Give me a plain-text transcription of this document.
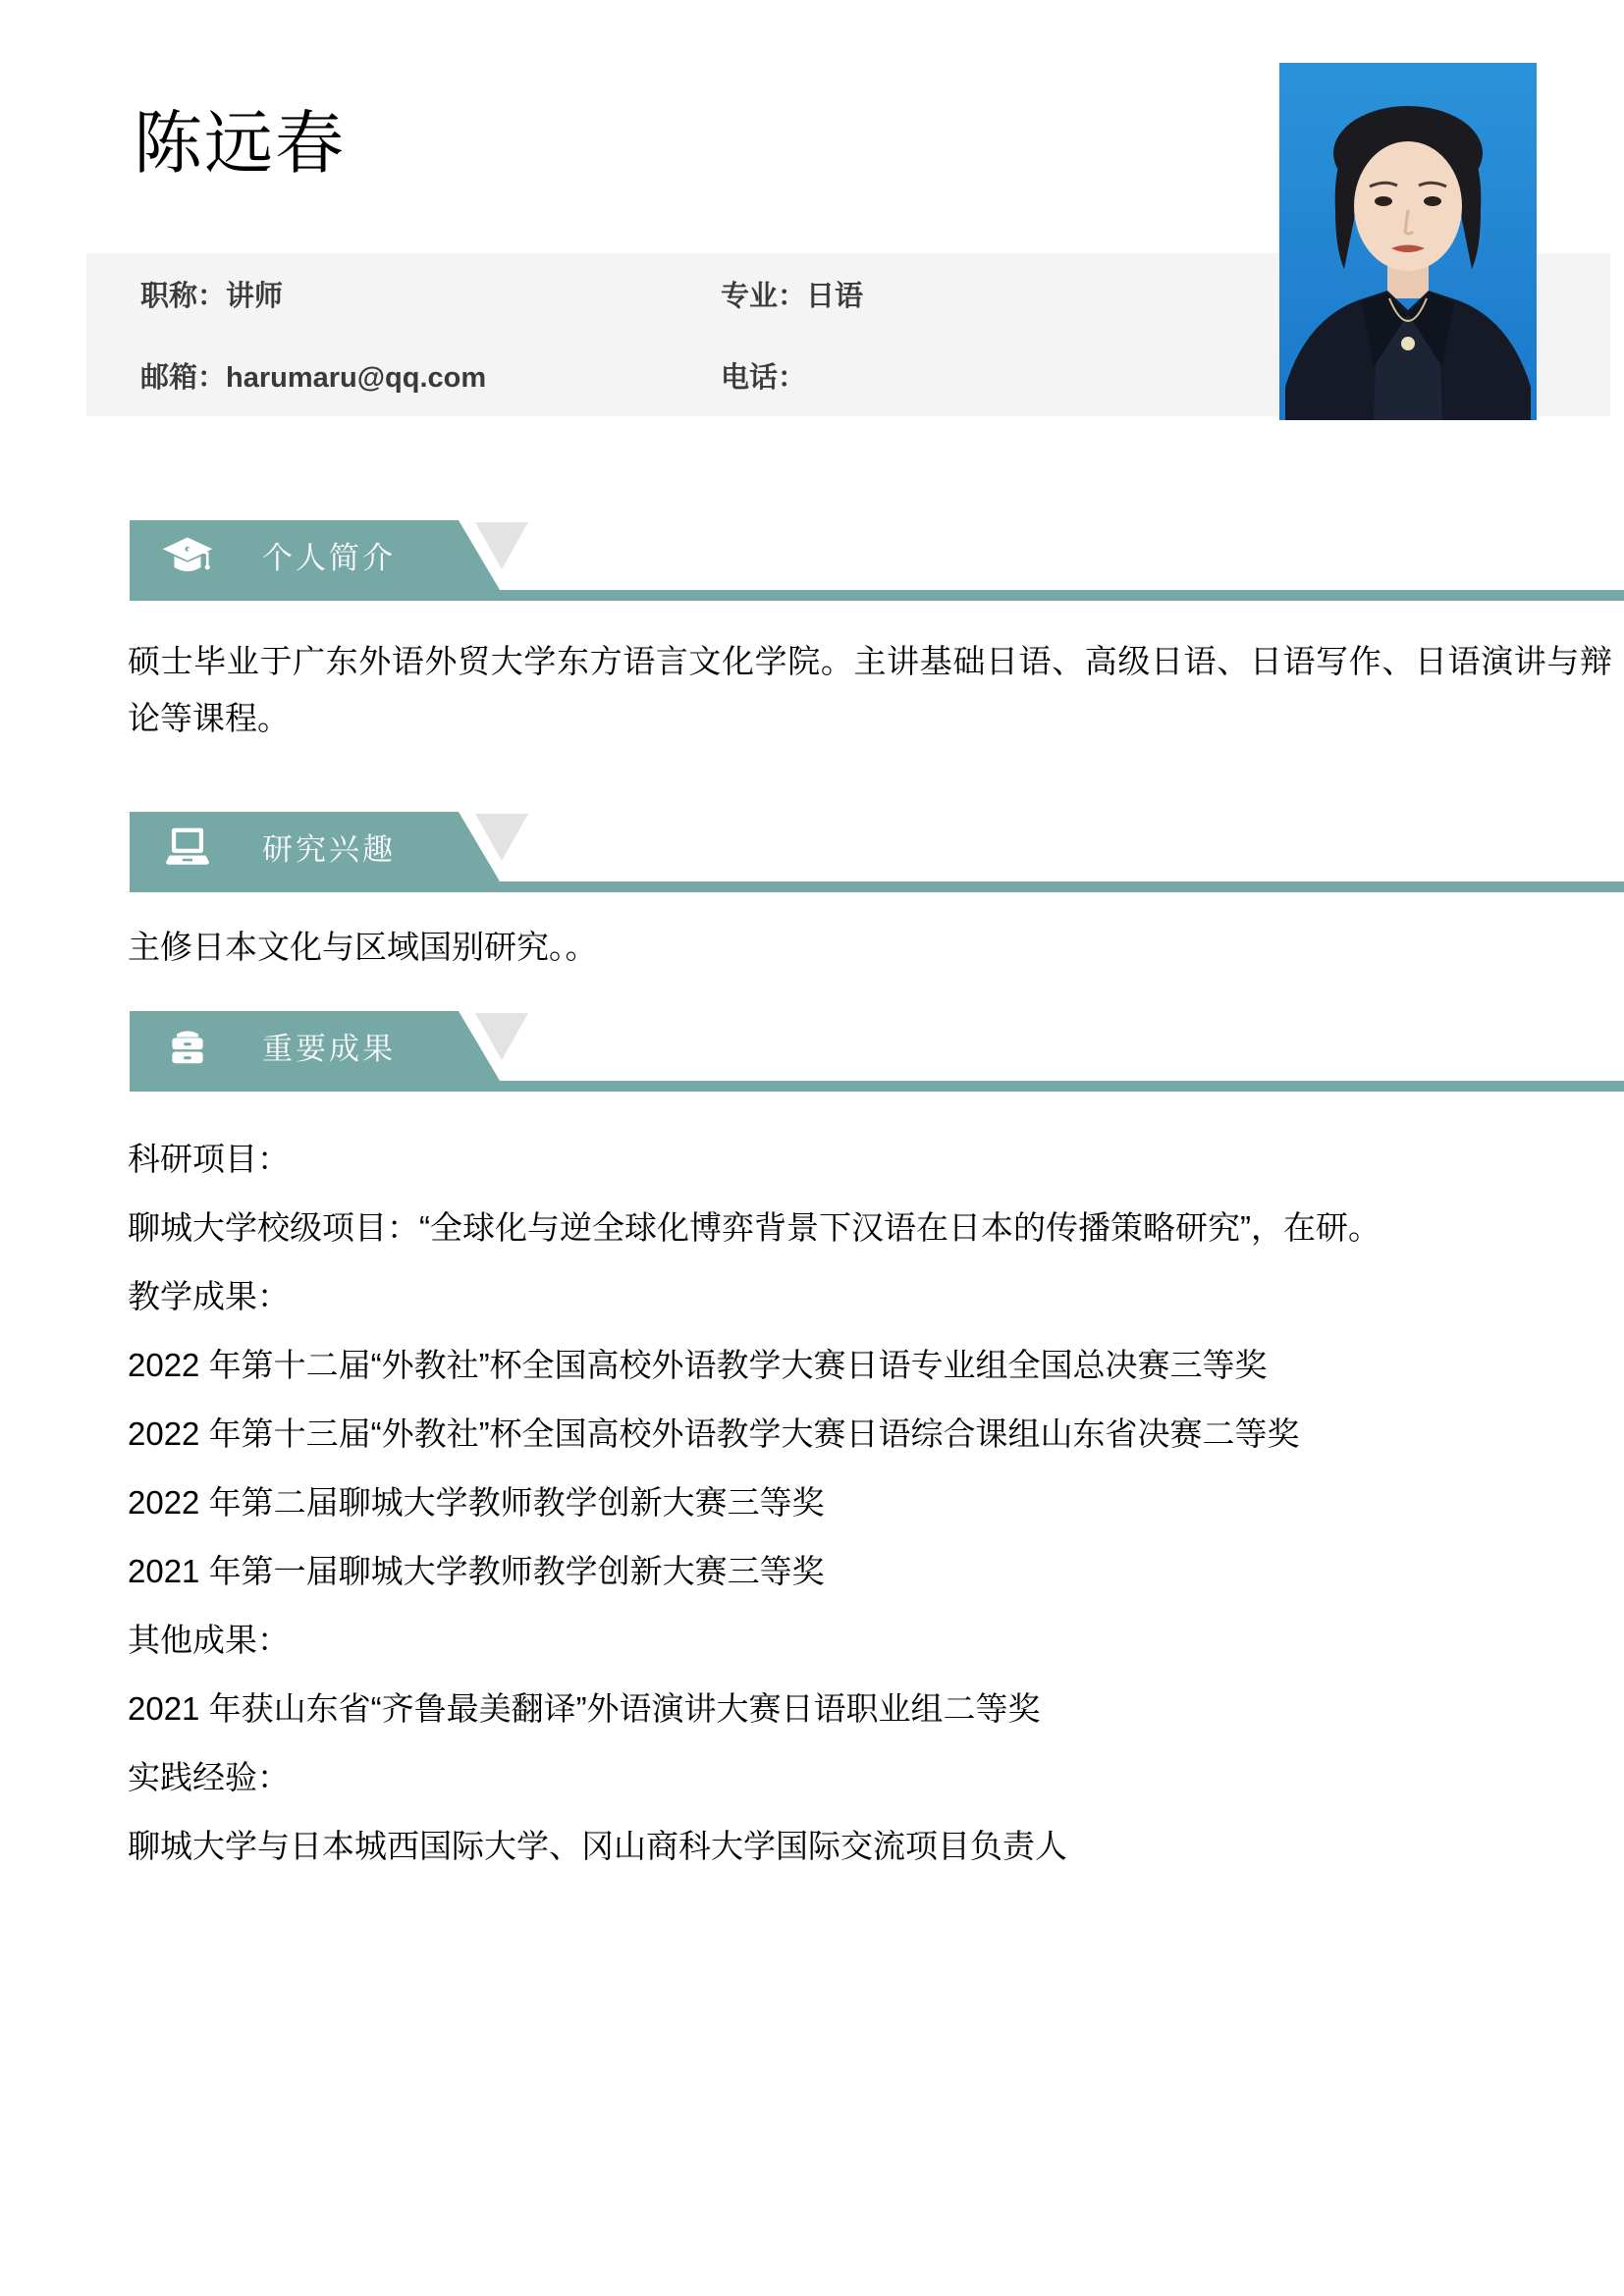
陈远春
职称：讲师	专业：日语
邮箱：harumaru@qq.com	电话：
个人简介

硕士毕业于广东外语外贸大学东方语言文化学院。主讲基础日语、高级日语、日语写作、日语演讲与辩论等课程。

研究兴趣

主修日本文化与区域国别研究。。

重要成果

科研项目：

聊城大学校级项目：“全球化与逆全球化博弈背景下汉语在日本的传播策略研究”，在研。

教学成果：

2022 年第十二届“外教社”杯全国高校外语教学大赛日语专业组全国总决赛三等奖

2022 年第十三届“外教社”杯全国高校外语教学大赛日语综合课组山东省决赛二等奖

2022 年第二届聊城大学教师教学创新大赛三等奖

2021 年第一届聊城大学教师教学创新大赛三等奖

其他成果：

2021 年获山东省“齐鲁最美翻译”外语演讲大赛日语职业组二等奖

实践经验：

聊城大学与日本城西国际大学、冈山商科大学国际交流项目负责人
